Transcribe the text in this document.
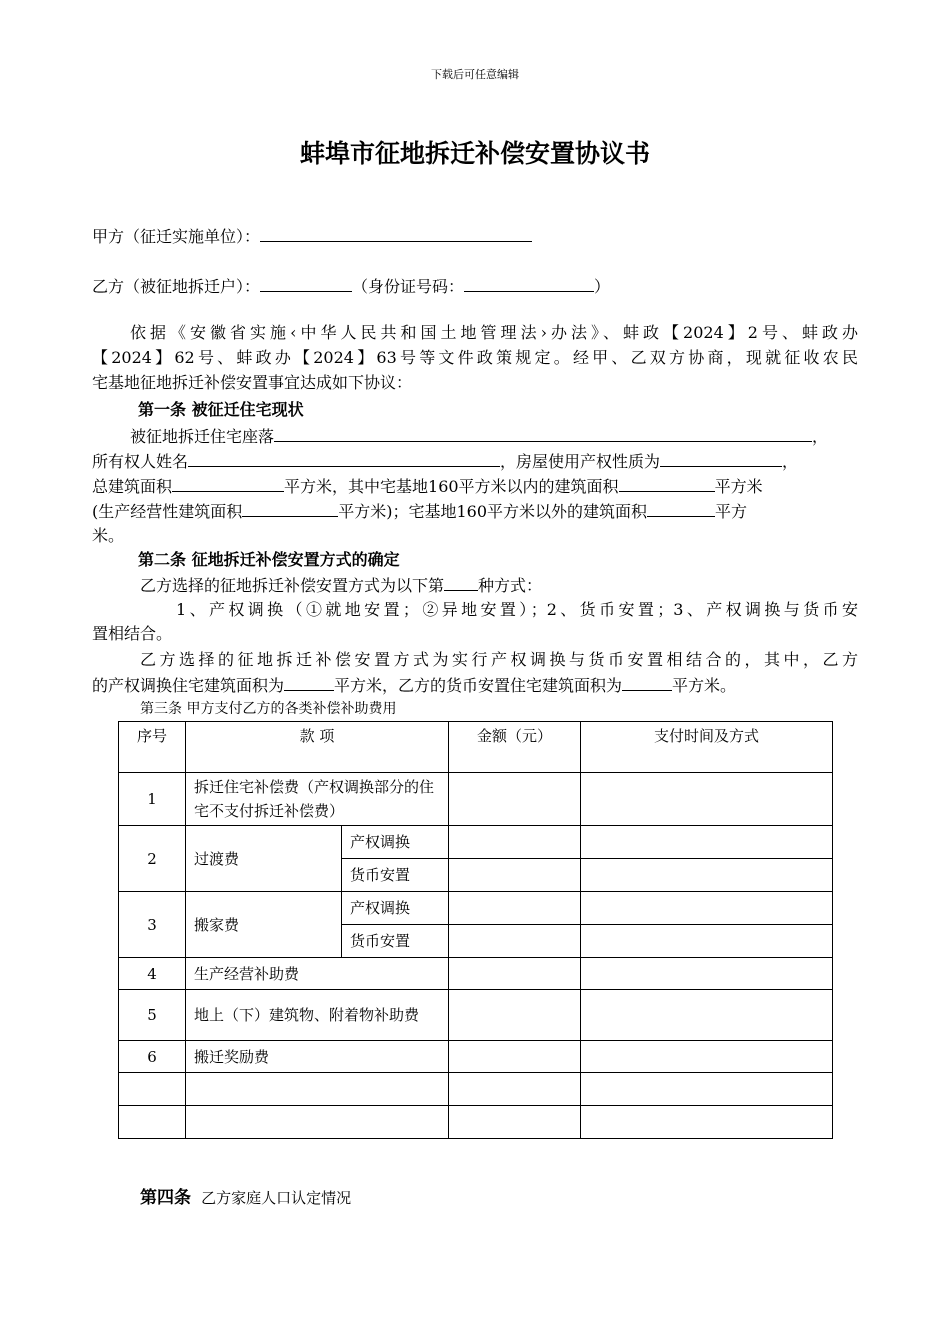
下载后可任意编辑
蚌埠市征地拆迁补偿安置协议书
甲方（征迁实施单位）：
乙方（被征地拆迁户）：	（身份证号码：	）
依据《安徽省实施‹中华人民共和国土地管理法›办法》、蚌政【2024】2号、蚌政办
【2024】62号、蚌政办【2024】63号等文件政策规定。经甲、乙双方协商，现就征收农民
宅基地征地拆迁补偿安置事宜达成如下协议：
第一条 被征迁住宅现状
被征地拆迁住宅座落	，
所有权人姓名	，房屋使用产权性质为	，
总建筑面积	平方米，其中宅基地160平方米以内的建筑面积	平方米
(生产经营性建筑面积	平方米)；宅基地160平方米以外的建筑面积	平方
米。
第二条 征地拆迁补偿安置方式的确定
乙方选择的征地拆迁补偿安置方式为以下第 种方式：
1、产权调换（①就地安置；②异地安置）；2、货币安置；3、产权调换与货币安
置相结合。
乙方选择的征地拆迁补偿安置方式为实行产权调换与货币安置相结合的，其中，乙方
的产权调换住宅建筑面积为	平方米，乙方的货币安置住宅建筑面积为	平方米。
第三条 甲方支付乙方的各类补偿补助费用
序号	款 项		金额（元）	支付时间及方式
1	拆迁住宅补偿费（产权调换部分的住宅不支付拆迁补偿费）			
2	过渡费	产权调换		
		货币安置		
3	搬家费	产权调换		
		货币安置		
4	生产经营补助费			
5	地上（下）建筑物、附着物补助费			
6	搬迁奖励费			

第四条 乙方家庭人口认定情况
